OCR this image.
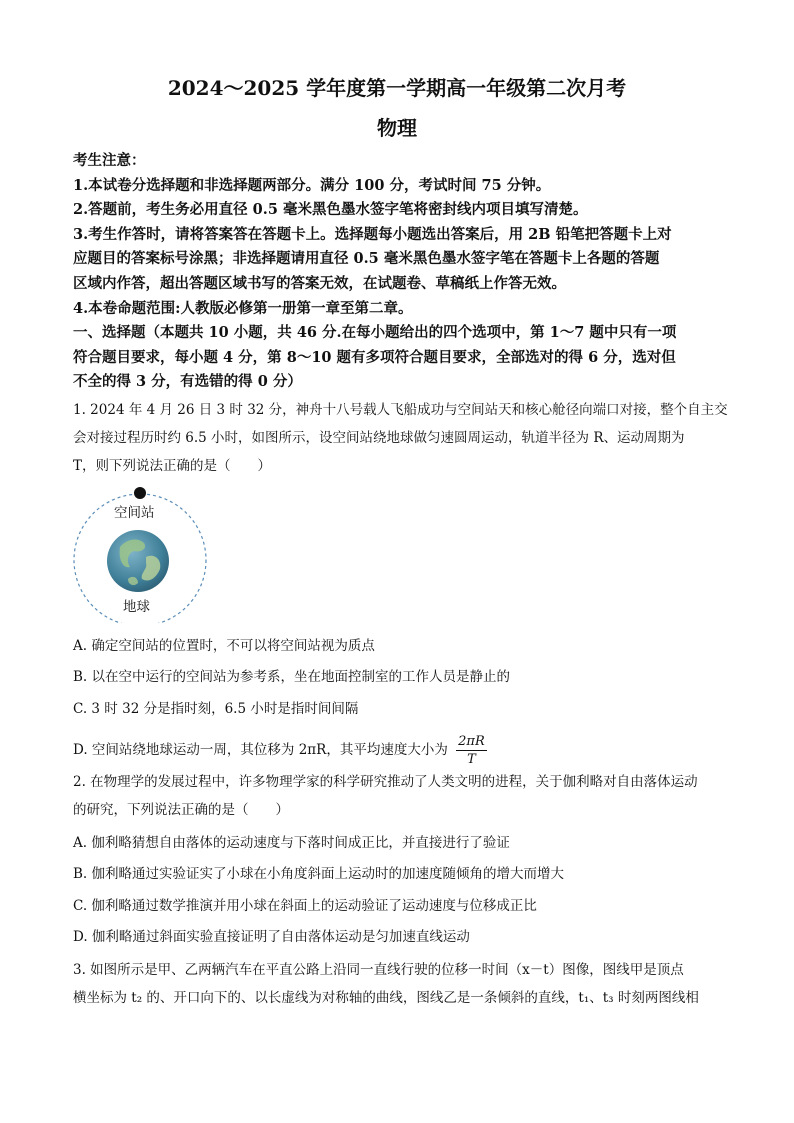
2024～2025 学年度第一学期高一年级第二次月考
物理

考生注意：

1.本试卷分选择题和非选择题两部分。满分 100 分，考试时间 75 分钟。

2.答题前，考生务必用直径 0.5 毫米黑色墨水签字笔将密封线内项目填写清楚。

3.考生作答时，请将答案答在答题卡上。选择题每小题选出答案后，用 2B 铅笔把答题卡上对

应题目的答案标号涂黑；非选择题请用直径 0.5 毫米黑色墨水签字笔在答题卡上各题的答题

区域内作答，超出答题区域书写的答案无效，在试题卷、草稿纸上作答无效。

4.本卷命题范围:人教版必修第一册第一章至第二章。

一、选择题（本题共 10 小题，共 46 分.在每小题给出的四个选项中，第 1～7 题中只有一项

符合题目要求，每小题 4 分，第 8～10 题有多项符合题目要求，全部选对的得 6 分，选对但

不全的得 3 分，有选错的得 0 分）

1. 2024 年 4 月 26 日 3 时 32 分，神舟十八号载人飞船成功与空间站天和核心舱径向端口对接，整个自主交

会对接过程历时约 6.5 小时，如图所示，设空间站绕地球做匀速圆周运动，轨道半径为 R、运动周期为

T，则下列说法正确的是（　　）

空间站
地球
A. 确定空间站的位置时，不可以将空间站视为质点
B. 以在空中运行的空间站为参考系，坐在地面控制室的工作人员是静止的
C. 3 时 32 分是指时刻，6.5 小时是指时间间隔
D. 空间站绕地球运动一周，其位移为 2πR，其平均速度大小为 $\frac{2\pi R}{T}$

2. 在物理学的发展过程中，许多物理学家的科学研究推动了人类文明的进程，关于伽利略对自由落体运动

的研究，下列说法正确的是（　　）

A. 伽利略猜想自由落体的运动速度与下落时间成正比，并直接进行了验证
B. 伽利略通过实验证实了小球在小角度斜面上运动时的加速度随倾角的增大而增大
C. 伽利略通过数学推演并用小球在斜面上的运动验证了运动速度与位移成正比
D. 伽利略通过斜面实验直接证明了自由落体运动是匀加速直线运动

3. 如图所示是甲、乙两辆汽车在平直公路上沿同一直线行驶的位移一时间（x－t）图像，图线甲是顶点

横坐标为 t₂ 的、开口向下的、以长虚线为对称轴的曲线，图线乙是一条倾斜的直线，t₁、t₃ 时刻两图线相
